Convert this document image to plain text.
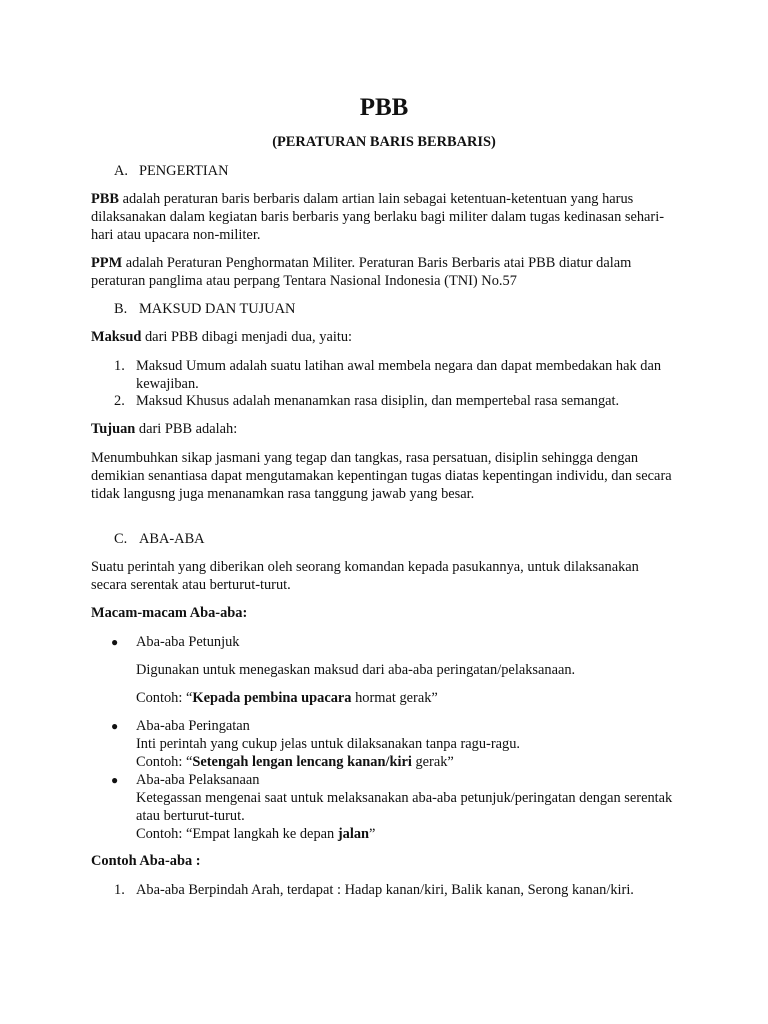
PBB
(PERATURAN BARIS BERBARIS)
A. PENGERTIAN

PBB adalah peraturan baris berbaris dalam artian lain sebagai ketentuan-ketentuan yang harus dilaksanakan dalam kegiatan baris berbaris yang berlaku bagi militer dalam tugas kedinasan sehari-hari atau upacara non-militer.

PPM adalah Peraturan Penghormatan Militer. Peraturan Baris Berbaris atai PBB diatur dalam peraturan panglima atau perpang Tentara Nasional Indonesia (TNI) No.57

B. MAKSUD DAN TUJUAN

Maksud dari PBB dibagi menjadi dua, yaitu:

1. Maksud Umum adalah suatu latihan awal membela negara dan dapat membedakan hak dan kewajiban.
2. Maksud Khusus adalah menanamkan rasa disiplin, dan mempertebal rasa semangat.

Tujuan dari PBB adalah:

Menumbuhkan sikap jasmani yang tegap dan tangkas, rasa persatuan, disiplin sehingga dengan demikian senantiasa dapat mengutamakan kepentingan tugas diatas kepentingan individu, dan secara tidak langusng juga menanamkan rasa tanggung jawab yang besar.

C. ABA-ABA

Suatu perintah yang diberikan oleh seorang komandan kepada pasukannya, untuk dilaksanakan secara serentak atau berturut-turut.

Macam-macam Aba-aba:

● Aba-aba Petunjuk
Digunakan untuk menegaskan maksud dari aba-aba peringatan/pelaksanaan.
Contoh: “Kepada pembina upacara hormat gerak”
● Aba-aba Peringatan
Inti perintah yang cukup jelas untuk dilaksanakan tanpa ragu-ragu.
Contoh: “Setengah lengan lencang kanan/kiri gerak”
● Aba-aba Pelaksanaan
Ketegassan mengenai saat untuk melaksanakan aba-aba petunjuk/peringatan dengan serentak atau berturut-turut.
Contoh: “Empat langkah ke depan jalan”

Contoh Aba-aba :

1. Aba-aba Berpindah Arah, terdapat : Hadap kanan/kiri, Balik kanan, Serong kanan/kiri.
